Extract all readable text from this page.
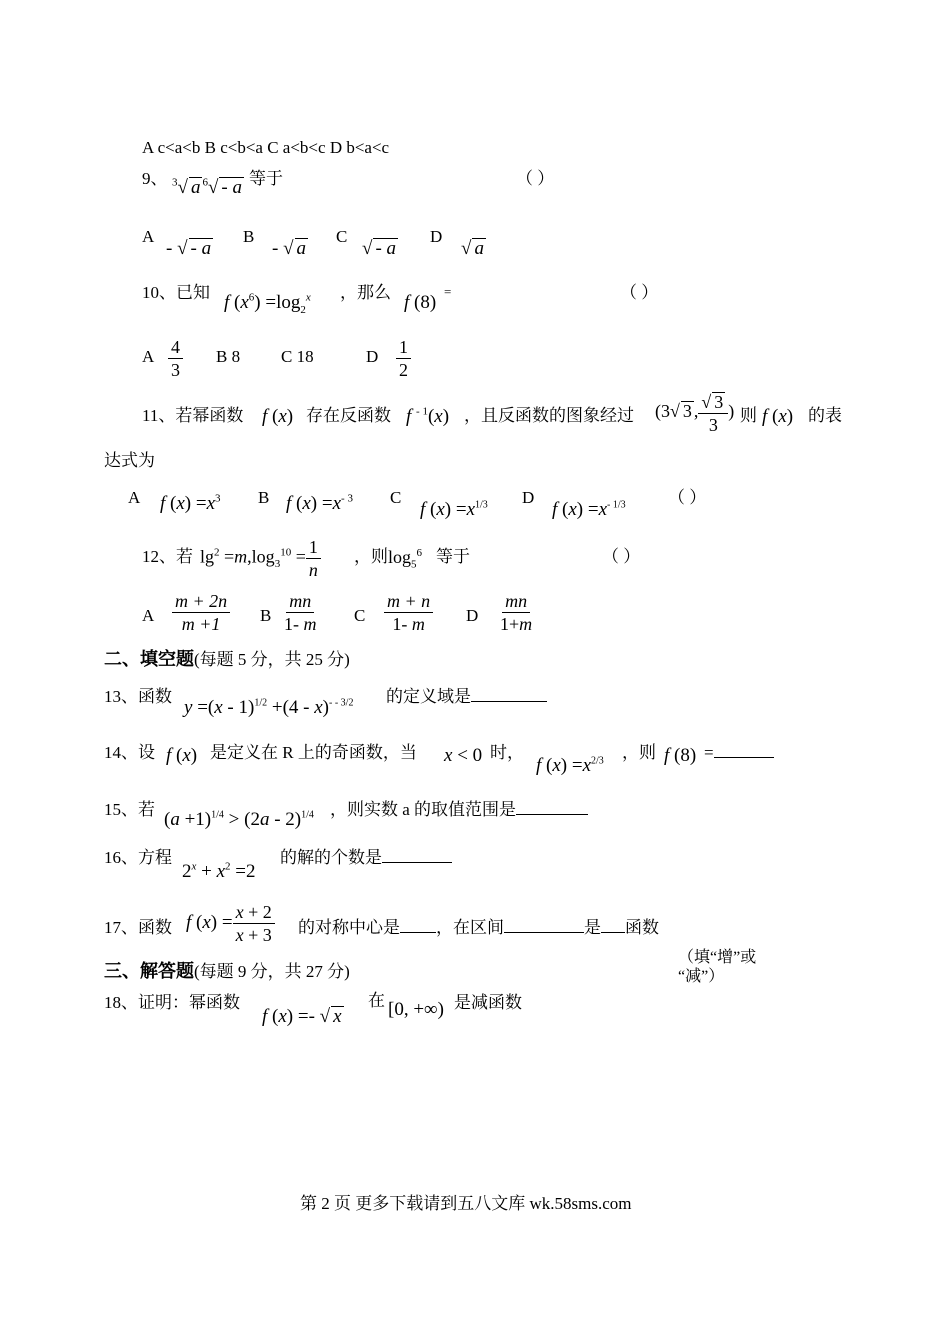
A c<a<b B c<b<a C a<b<c D b<a<c
9、 $^3$√ a $^6$√ - a 等于	（ ）
A
- √ - a
B
- √ a
C
√ - a
D
√ a
10、已知 f $(x^6) =\log_2^x$ ，那么 f (8)
=	（ ）
A $\frac{4}{3}$ B 8 C 18	D $\frac{1}{2}$
11、若幂函数 f (x) 存在反函数 f $^{- 1}$(x) ，且反函数的图象经过 (3√ 3 , $\frac{√ 3}{3}$ ) 则 f (x) 的表
达式为
A f $(x) =x^3$ B f $(x) =x^{- 3}$ C
f $(x) =x^{1/3}$ D
f $(x) =x^{- 1/3}$ （ ）
12、若 $\lg^2 =m,\log_3^{10} = \frac{1}{n}$ ，则 $\log_5^6$ 等于	（ ）
A $\frac{m + 2n}{m +1}$ B $\frac{mn}{1- m}$ C $\frac{m + n}{1- m}$ D $\frac{mn}{1+m}$
二、填空题(每题 5 分，共 25 分)
13、函数
y =(x - 1)$^{1/2}$ +(4 - x)$^{- - 3/2}$ 的定义域是
14、设 f (x) 是定义在 R 上的奇函数，当 x < 0 时，
f $(x) =x^{2/3}$ ，则 f (8) =
15、若 $(a +1)^{1/4} > (2a - 2)^{1/4}$ ，则实数 a 的取值范围是
16、方程
$2^x + x^2 =2$
的解的个数是
17、函数 f $(x) = \frac{x + 2}{x + 3}$ 的对称中心是 ，在区间	是 函数
（填“增”或
“减”）
三、解答题(每题 9 分，共 27 分)
18、证明：幂函数
f (x) =- √ x
在 [0, +∞) 是减函数
第 2 页 更多下载请到五八文库 wk.58sms.com
